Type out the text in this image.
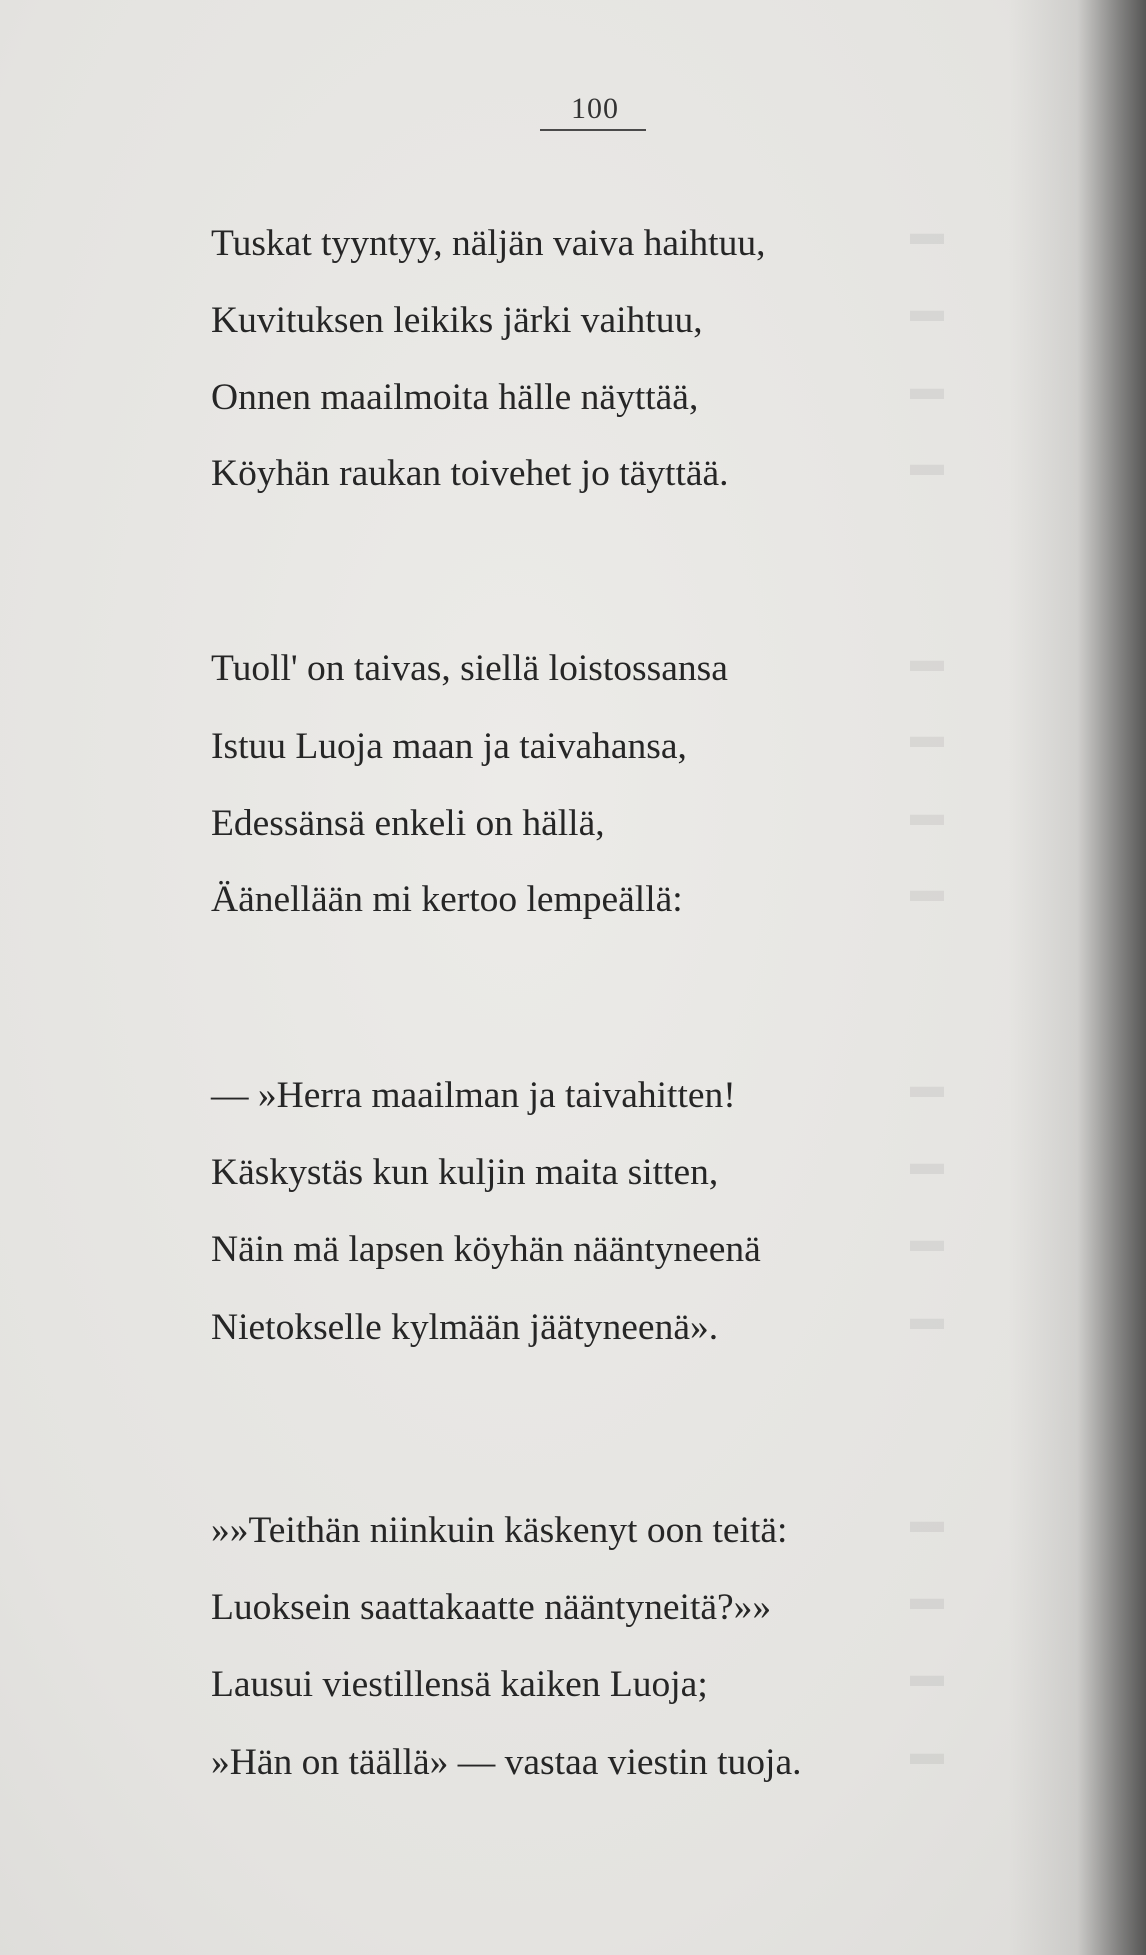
100
Tuskat tyyntyy, näljän vaiva haihtuu,
Kuvituksen leikiks järki vaihtuu,
Onnen maailmoita hälle näyttää,
Köyhän raukan toivehet jo täyttää.
Tuoll' on taivas, siellä loistossansa
Istuu Luoja maan ja taivahansa,
Edessänsä enkeli on hällä,
Äänellään mi kertoo lempeällä:
— »Herra maailman ja taivahitten!
Käskystäs kun kuljin maita sitten,
Näin mä lapsen köyhän nääntyneenä
Nietokselle kylmään jäätyneenä».
»»Teithän niinkuin käskenyt oon teitä:
Luoksein saattakaatte nääntyneitä?»»
Lausui viestillensä kaiken Luoja;
»Hän on täällä» — vastaa viestin tuoja.
▬
▬
▬
▬
▬
▬
▬
▬
▬
▬
▬
▬
▬
▬
▬
▬
